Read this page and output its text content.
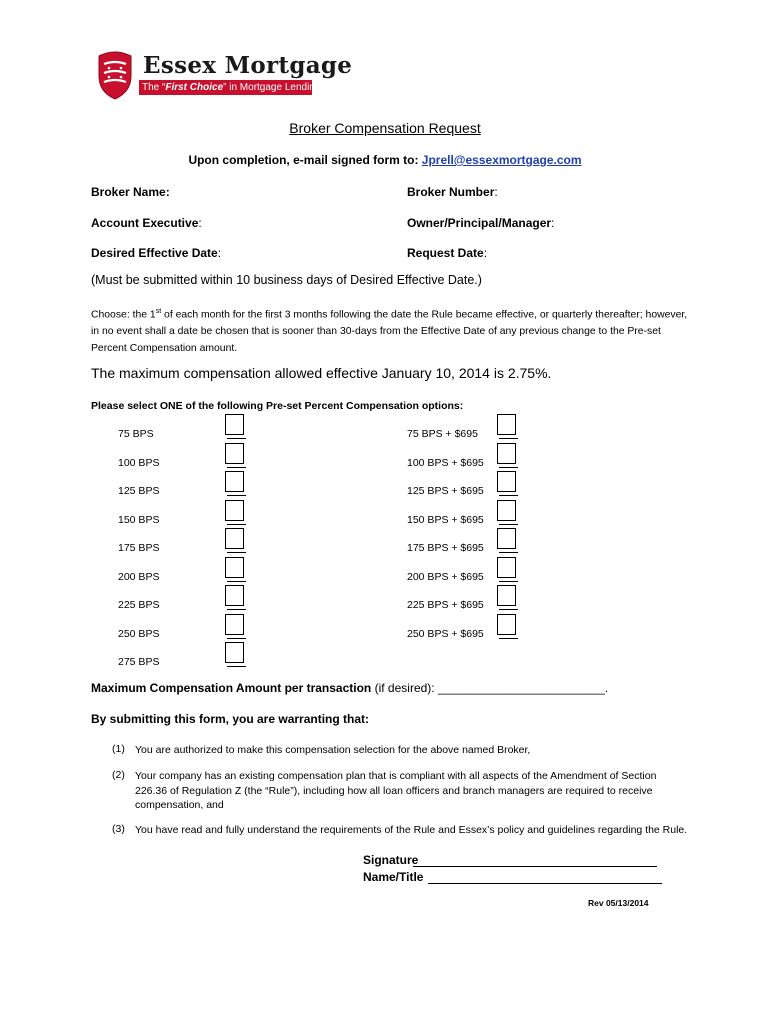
Essex Mortgage
The “First Choice” in Mortgage Lending
Broker Compensation Request
Upon completion, e-mail signed form to: Jprell@essexmortgage.com
Broker Name:	Broker Number:
Account Executive:	Owner/Principal/Manager:
Desired Effective Date:	Request Date:
(Must be submitted within 10 business days of Desired Effective Date.)
Choose: the 1st of each month for the first 3 months following the date the Rule became effective, or quarterly thereafter; however, in no event shall a date be chosen that is sooner than 30-days from the Effective Date of any previous change to the Pre-set Percent Compensation amount.
The maximum compensation allowed effective January 10, 2014 is 2.75%.
Please select ONE of the following Pre-set Percent Compensation options:
75 BPS
100 BPS
125 BPS
150 BPS
175 BPS
200 BPS
225 BPS
250 BPS
275 BPS
75 BPS + $695
100 BPS + $695
125 BPS + $695
150 BPS + $695
175 BPS + $695
200 BPS + $695
225 BPS + $695
250 BPS + $695
Maximum Compensation Amount per transaction (if desired): _________________________.
By submitting this form, you are warranting that:
(1) You are authorized to make this compensation selection for the above named Broker,
(2) Your company has an existing compensation plan that is compliant with all aspects of the Amendment of Section 226.36 of Regulation Z (the “Rule”), including how all loan officers and branch managers are required to receive compensation, and
(3) You have read and fully understand the requirements of the Rule and Essex’s policy and guidelines regarding the Rule.
Signature
Name/Title
Rev 05/13/2014
